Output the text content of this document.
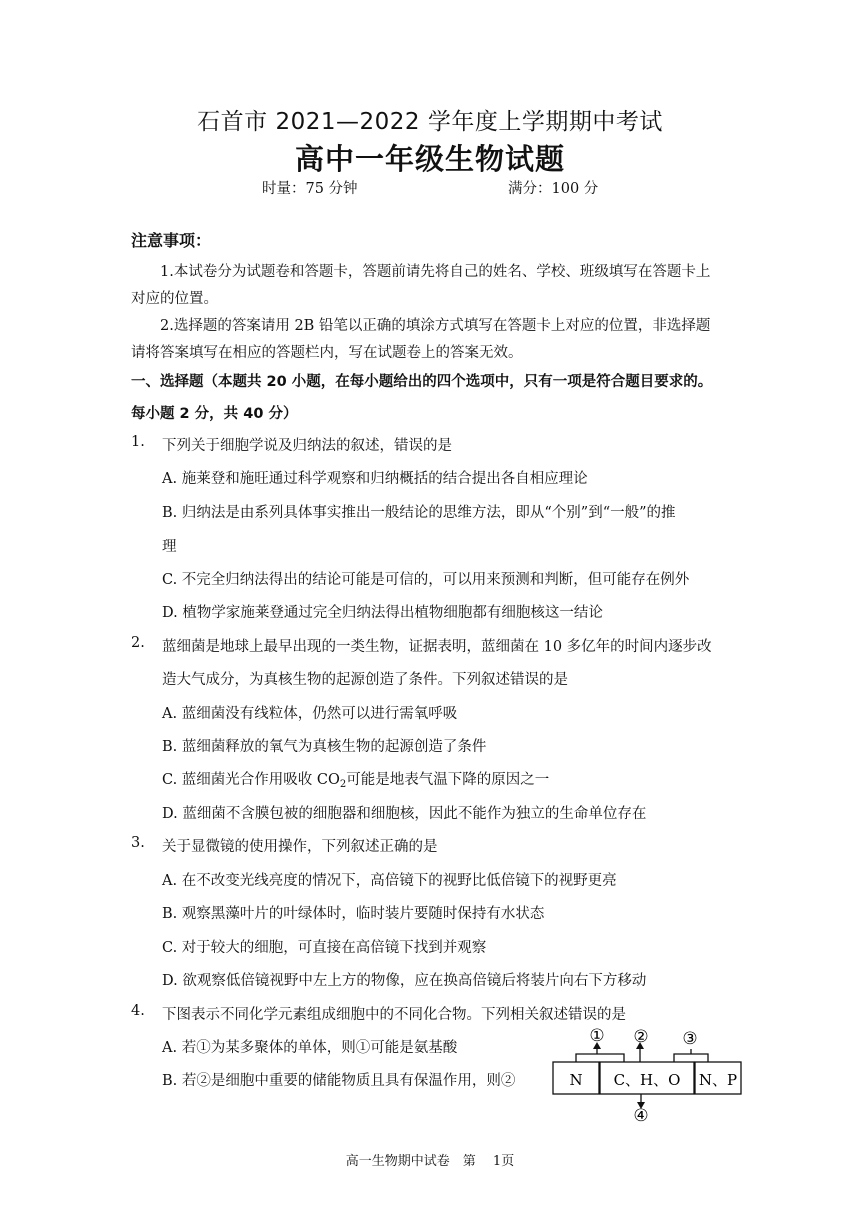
石首市 2021—2022 学年度上学期期中考试
高中一年级生物试题
时量：75 分钟	满分：100 分
注意事项：
1.本试卷分为试题卷和答题卡，答题前请先将自己的姓名、学校、班级填写在答题卡上
对应的位置。
2.选择题的答案请用 2B 铅笔以正确的填涂方式填写在答题卡上对应的位置，非选择题
请将答案填写在相应的答题栏内，写在试题卷上的答案无效。
一、选择题（本题共 20 小题，在每小题给出的四个选项中，只有一项是符合题目要求的。
每小题 2 分，共 40 分）
1. 下列关于细胞学说及归纳法的叙述，错误的是
A. 施莱登和施旺通过科学观察和归纳概括的结合提出各自相应理论
B. 归纳法是由系列具体事实推出一般结论的思维方法，即从“个别”到“一般”的推
理
C. 不完全归纳法得出的结论可能是可信的，可以用来预测和判断，但可能存在例外
D. 植物学家施莱登通过完全归纳法得出植物细胞都有细胞核这一结论
2. 蓝细菌是地球上最早出现的一类生物，证据表明，蓝细菌在 10 多亿年的时间内逐步改
造大气成分，为真核生物的起源创造了条件。下列叙述错误的是
A. 蓝细菌没有线粒体，仍然可以进行需氧呼吸
B. 蓝细菌释放的氧气为真核生物的起源创造了条件
C. 蓝细菌光合作用吸收 $CO_2$可能是地表气温下降的原因之一
D. 蓝细菌不含膜包被的细胞器和细胞核，因此不能作为独立的生命单位存在
3. 关于显微镜的使用操作，下列叙述正确的是
A. 在不改变光线亮度的情况下，高倍镜下的视野比低倍镜下的视野更亮
B. 观察黑藻叶片的叶绿体时，临时装片要随时保持有水状态
C. 对于较大的细胞，可直接在高倍镜下找到并观察
D. 欲观察低倍镜视野中左上方的物像，应在换高倍镜后将装片向右下方移动
4. 下图表示不同化学元素组成细胞中的不同化合物。下列相关叙述错误的是
A. 若①为某多聚体的单体，则①可能是氨基酸
B. 若②是细胞中重要的储能物质且具有保温作用，则②	N C、H、O N、P
① ② ③
④
高一生物期中试卷　第　 1页
